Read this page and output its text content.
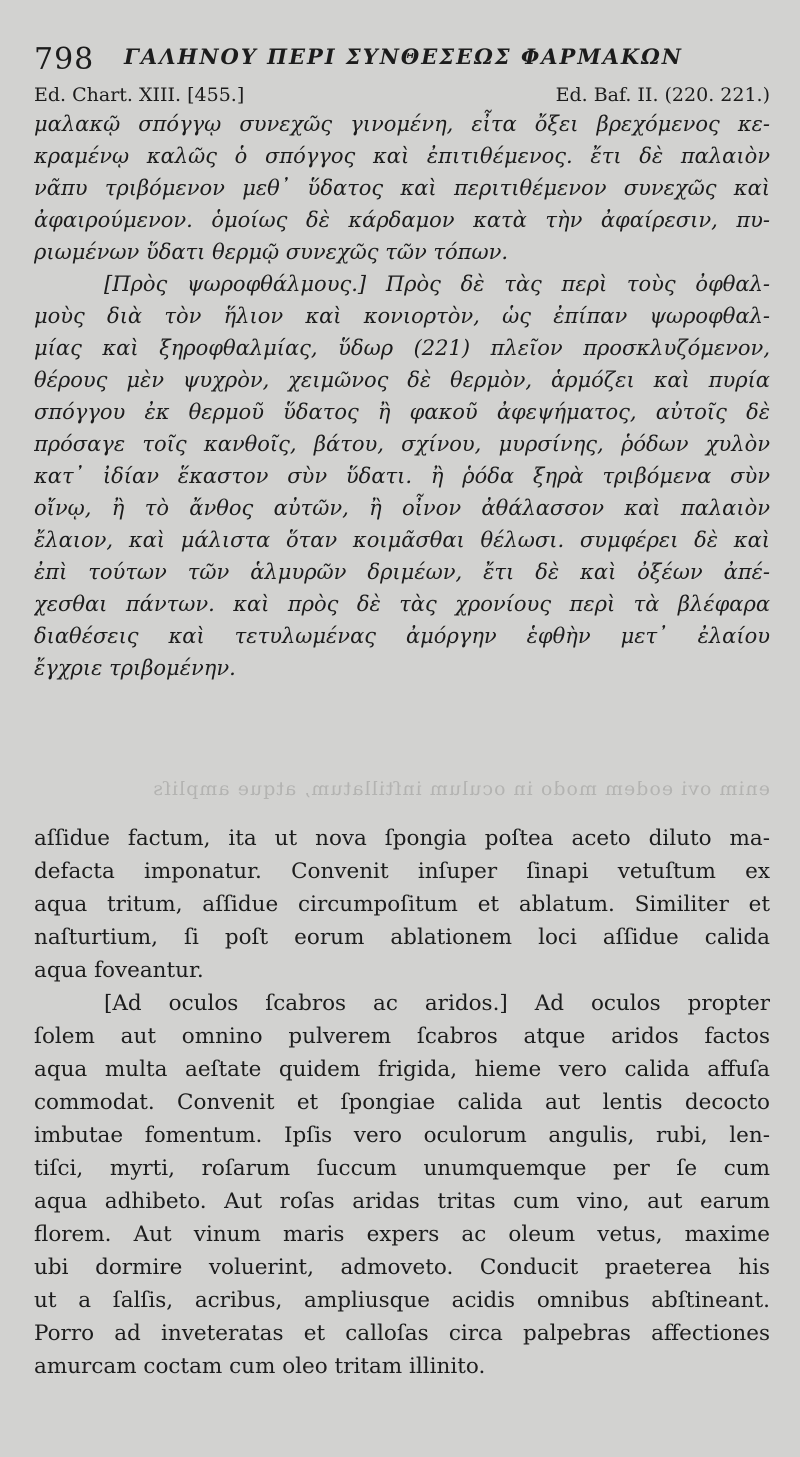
798 ΓΑΛΗΝΟΥ ΠΕΡΙ ΣΥΝΘΕΣΕΩΣ ΦΑΡΜΑΚΩΝ
Ed. Chart. XIII. [455.]	Ed. Baf. II. (220. 221.)
μαλακῷ σπόγγῳ συνεχῶς γινομένη, εἶτα ὄξει βρεχόμενος κε-
κραμένῳ καλῶς ὁ σπόγγος καὶ ἐπιτιθέμενος. ἔτι δὲ παλαιὸν
νᾶπυ τριβόμενον μεθ᾽ ὕδατος καὶ περιτιθέμενον συνεχῶς καὶ
ἀφαιρούμενον. ὁμοίως δὲ κάρδαμον κατὰ τὴν ἀφαίρεσιν, πυ-
ριωμένων ὕδατι θερμῷ συνεχῶς τῶν τόπων.
[Πρὸς ψωροφθάλμους.] Πρὸς δὲ τὰς περὶ τοὺς ὀφθαλ-
μοὺς διὰ τὸν ἥλιον καὶ κονιορτὸν, ὡς ἐπίπαν ψωροφθαλ-
μίας καὶ ξηροφθαλμίας, ὕδωρ (221) πλεῖον προσκλυζόμενον,
θέρους μὲν ψυχρὸν, χειμῶνος δὲ θερμὸν, ἁρμόζει καὶ πυρία
σπόγγου ἐκ θερμοῦ ὕδατος ἢ φακοῦ ἀφεψήματος, αὐτοῖς δὲ
πρόσαγε τοῖς κανθοῖς, βάτου, σχίνου, μυρσίνης, ῥόδων χυλὸν
κατ᾽ ἰδίαν ἕκαστον σὺν ὕδατι. ἢ ῥόδα ξηρὰ τριβόμενα σὺν
οἴνῳ, ἢ τὸ ἄνθος αὐτῶν, ἢ οἶνον ἀθάλασσον καὶ παλαιὸν
ἔλαιον, καὶ μάλιστα ὅταν κοιμᾶσθαι θέλωσι. συμφέρει δὲ καὶ
ἐπὶ τούτων τῶν ἁλμυρῶν δριμέων, ἔτι δὲ καὶ ὀξέων ἀπέ-
χεσθαι πάντων. καὶ πρὸς δὲ τὰς χρονίους περὶ τὰ βλέφαρα
διαθέσεις καὶ τετυλωμένας ἀμόργην ἑφθὴν μετ᾽ ἐλαίου
ἔγχριε τριβομένην.
enim ovi eodem modo in oculum inſtillatum, atque ampliſs
aſſidue factum, ita ut nova ſpongia poſtea aceto diluto ma-
defacta imponatur. Convenit inſuper ſinapi vetuſtum ex
aqua tritum, aſſidue circumpoſitum et ablatum. Similiter et
naſturtium, ſi poſt eorum ablationem loci aſſidue calida
aqua foveantur.
[Ad oculos ſcabros ac aridos.] Ad oculos propter
ſolem aut omnino pulverem ſcabros atque aridos factos
aqua multa aeſtate quidem frigida, hieme vero calida affuſa
commodat. Convenit et ſpongiae calida aut lentis decocto
imbutae fomentum. Ipſis vero oculorum angulis, rubi, len-
tiſci, myrti, roſarum ſuccum unumquemque per ſe cum
aqua adhibeto. Aut roſas aridas tritas cum vino, aut earum
florem. Aut vinum maris expers ac oleum vetus, maxime
ubi dormire voluerint, admoveto. Conducit praeterea his
ut a ſalſis, acribus, ampliusque acidis omnibus abſtineant.
Porro ad inveteratas et calloſas circa palpebras affectiones
amurcam coctam cum oleo tritam illinito.
